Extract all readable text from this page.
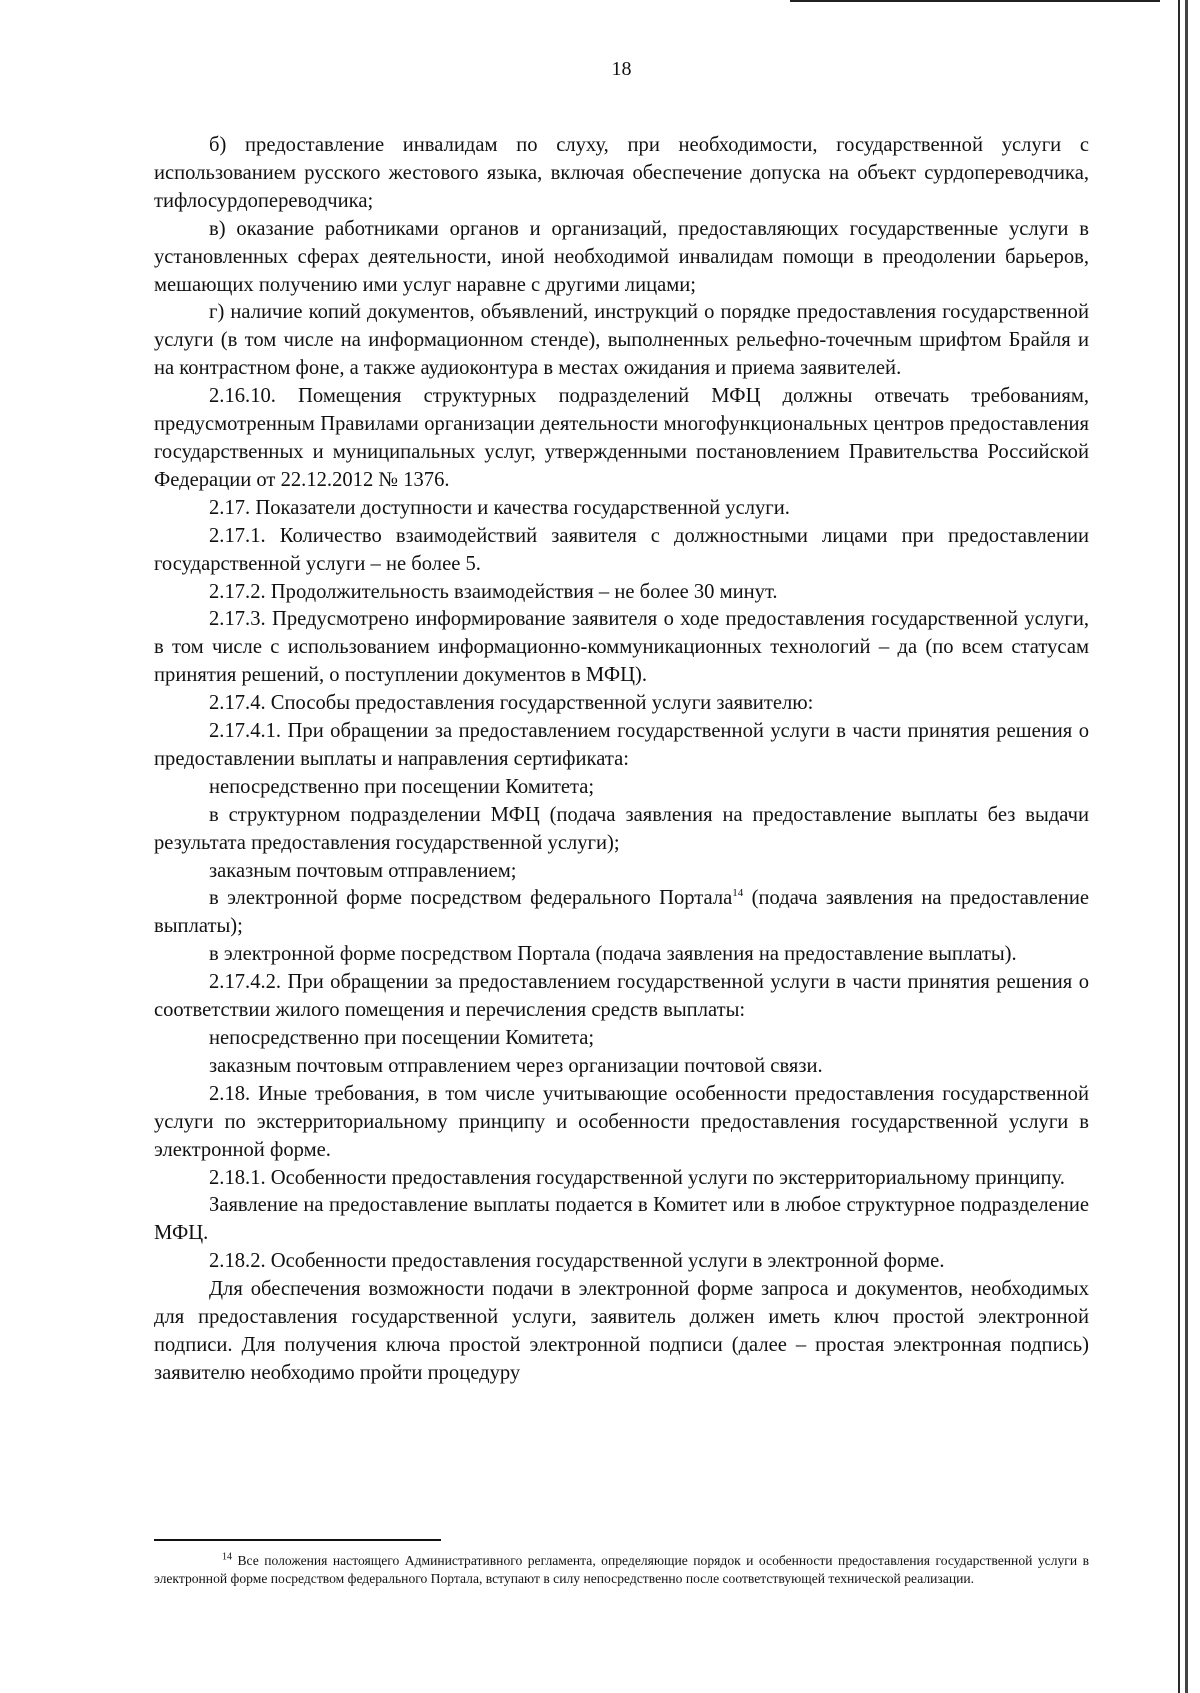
18

б) предоставление инвалидам по слуху, при необходимости, государственной услуги с использованием русского жестового языка, включая обеспечение допуска на объект сурдопереводчика, тифлосурдопереводчика;

в) оказание работниками органов и организаций, предоставляющих государственные услуги в установленных сферах деятельности, иной необходимой инвалидам помощи в преодолении барьеров, мешающих получению ими услуг наравне с другими лицами;

г) наличие копий документов, объявлений, инструкций о порядке предоставления государственной услуги (в том числе на информационном стенде), выполненных рельефно-точечным шрифтом Брайля и на контрастном фоне, а также аудиоконтура в местах ожидания и приема заявителей.

2.16.10. Помещения структурных подразделений МФЦ должны отвечать требованиям, предусмотренным Правилами организации деятельности многофункциональных центров предоставления государственных и муниципальных услуг, утвержденными постановлением Правительства Российской Федерации от 22.12.2012 № 1376.

2.17. Показатели доступности и качества государственной услуги.

2.17.1. Количество взаимодействий заявителя с должностными лицами при предоставлении государственной услуги – не более 5.

2.17.2. Продолжительность взаимодействия – не более 30 минут.

2.17.3. Предусмотрено информирование заявителя о ходе предоставления государственной услуги, в том числе с использованием информационно-коммуникационных технологий – да (по всем статусам принятия решений, о поступлении документов в МФЦ).

2.17.4. Способы предоставления государственной услуги заявителю:

2.17.4.1. При обращении за предоставлением государственной услуги в части принятия решения о предоставлении выплаты и направления сертификата:

непосредственно при посещении Комитета;

в структурном подразделении МФЦ (подача заявления на предоставление выплаты без выдачи результата предоставления государственной услуги);

заказным почтовым отправлением;

в электронной форме посредством федерального Портала$^{14}$ (подача заявления на предоставление выплаты);

в электронной форме посредством Портала (подача заявления на предоставление выплаты).

2.17.4.2. При обращении за предоставлением государственной услуги в части принятия решения о соответствии жилого помещения и перечисления средств выплаты:

непосредственно при посещении Комитета;

заказным почтовым отправлением через организации почтовой связи.

2.18. Иные требования, в том числе учитывающие особенности предоставления государственной услуги по экстерриториальному принципу и особенности предоставления государственной услуги в электронной форме.

2.18.1. Особенности предоставления государственной услуги по экстерриториальному принципу.

Заявление на предоставление выплаты подается в Комитет или в любое структурное подразделение МФЦ.

2.18.2. Особенности предоставления государственной услуги в электронной форме.

Для обеспечения возможности подачи в электронной форме запроса и документов, необходимых для предоставления государственной услуги, заявитель должен иметь ключ простой электронной подписи. Для получения ключа простой электронной подписи (далее – простая электронная подпись) заявителю необходимо пройти процедуру

$^{14}$ Все положения настоящего Административного регламента, определяющие порядок и особенности предоставления государственной услуги в электронной форме посредством федерального Портала, вступают в силу непосредственно после соответствующей технической реализации.
